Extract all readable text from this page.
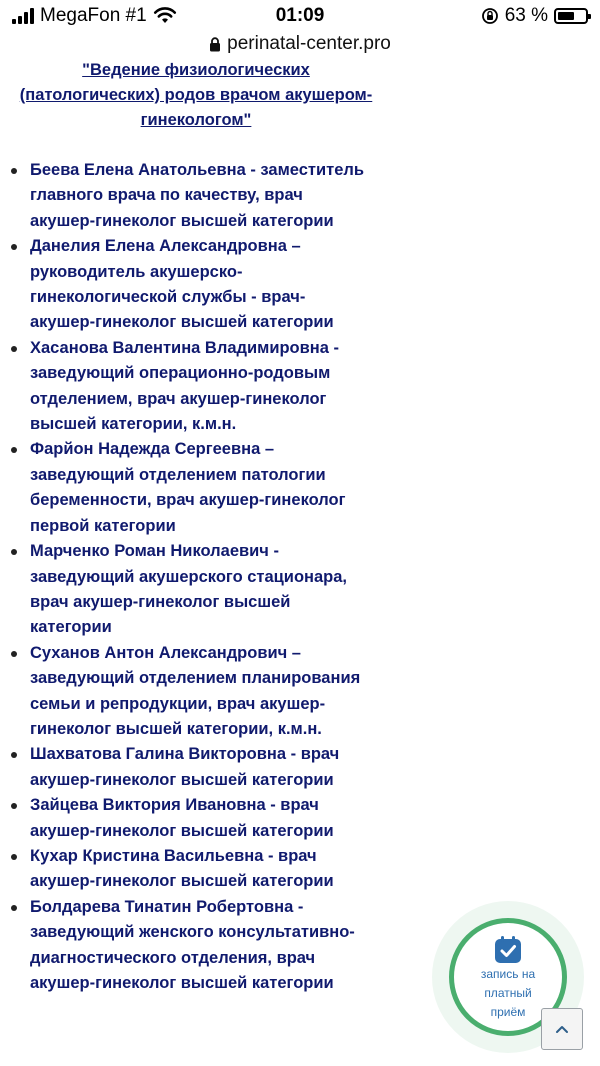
MegaFon #1	01:09	63 %
perinatal-center.pro
"Ведение физиологических (патологических) родов врачом акушером-гинекологом"
Беева Елена Анатольевна - заместитель главного врача по качеству, врач акушер-гинеколог высшей категории
Данелия Елена Александровна – руководитель акушерско-гинекологической службы - врач-акушер-гинеколог высшей категории
Хасанова Валентина Владимировна - заведующий операционно-родовым отделением, врач акушер-гинеколог высшей категории, к.м.н.
Фарйон Надежда Сергеевна – заведующий отделением патологии беременности, врач акушер-гинеколог первой категории
Марченко Роман Николаевич - заведующий акушерского стационара, врач акушер-гинеколог высшей категории
Суханов Антон Александрович – заведующий отделением планирования семьи и репродукции, врач акушер-гинеколог высшей категории, к.м.н.
Шахватова Галина Викторовна - врач акушер-гинеколог высшей категории
Зайцева Виктория Ивановна - врач акушер-гинеколог высшей категории
Кухар Кристина Васильевна - врач акушер-гинеколог высшей категории
Болдарева Тинатин Робертовна - заведующий женского консультативно-диагностического отделения, врач акушер-гинеколог высшей категории
запись на платный приём
